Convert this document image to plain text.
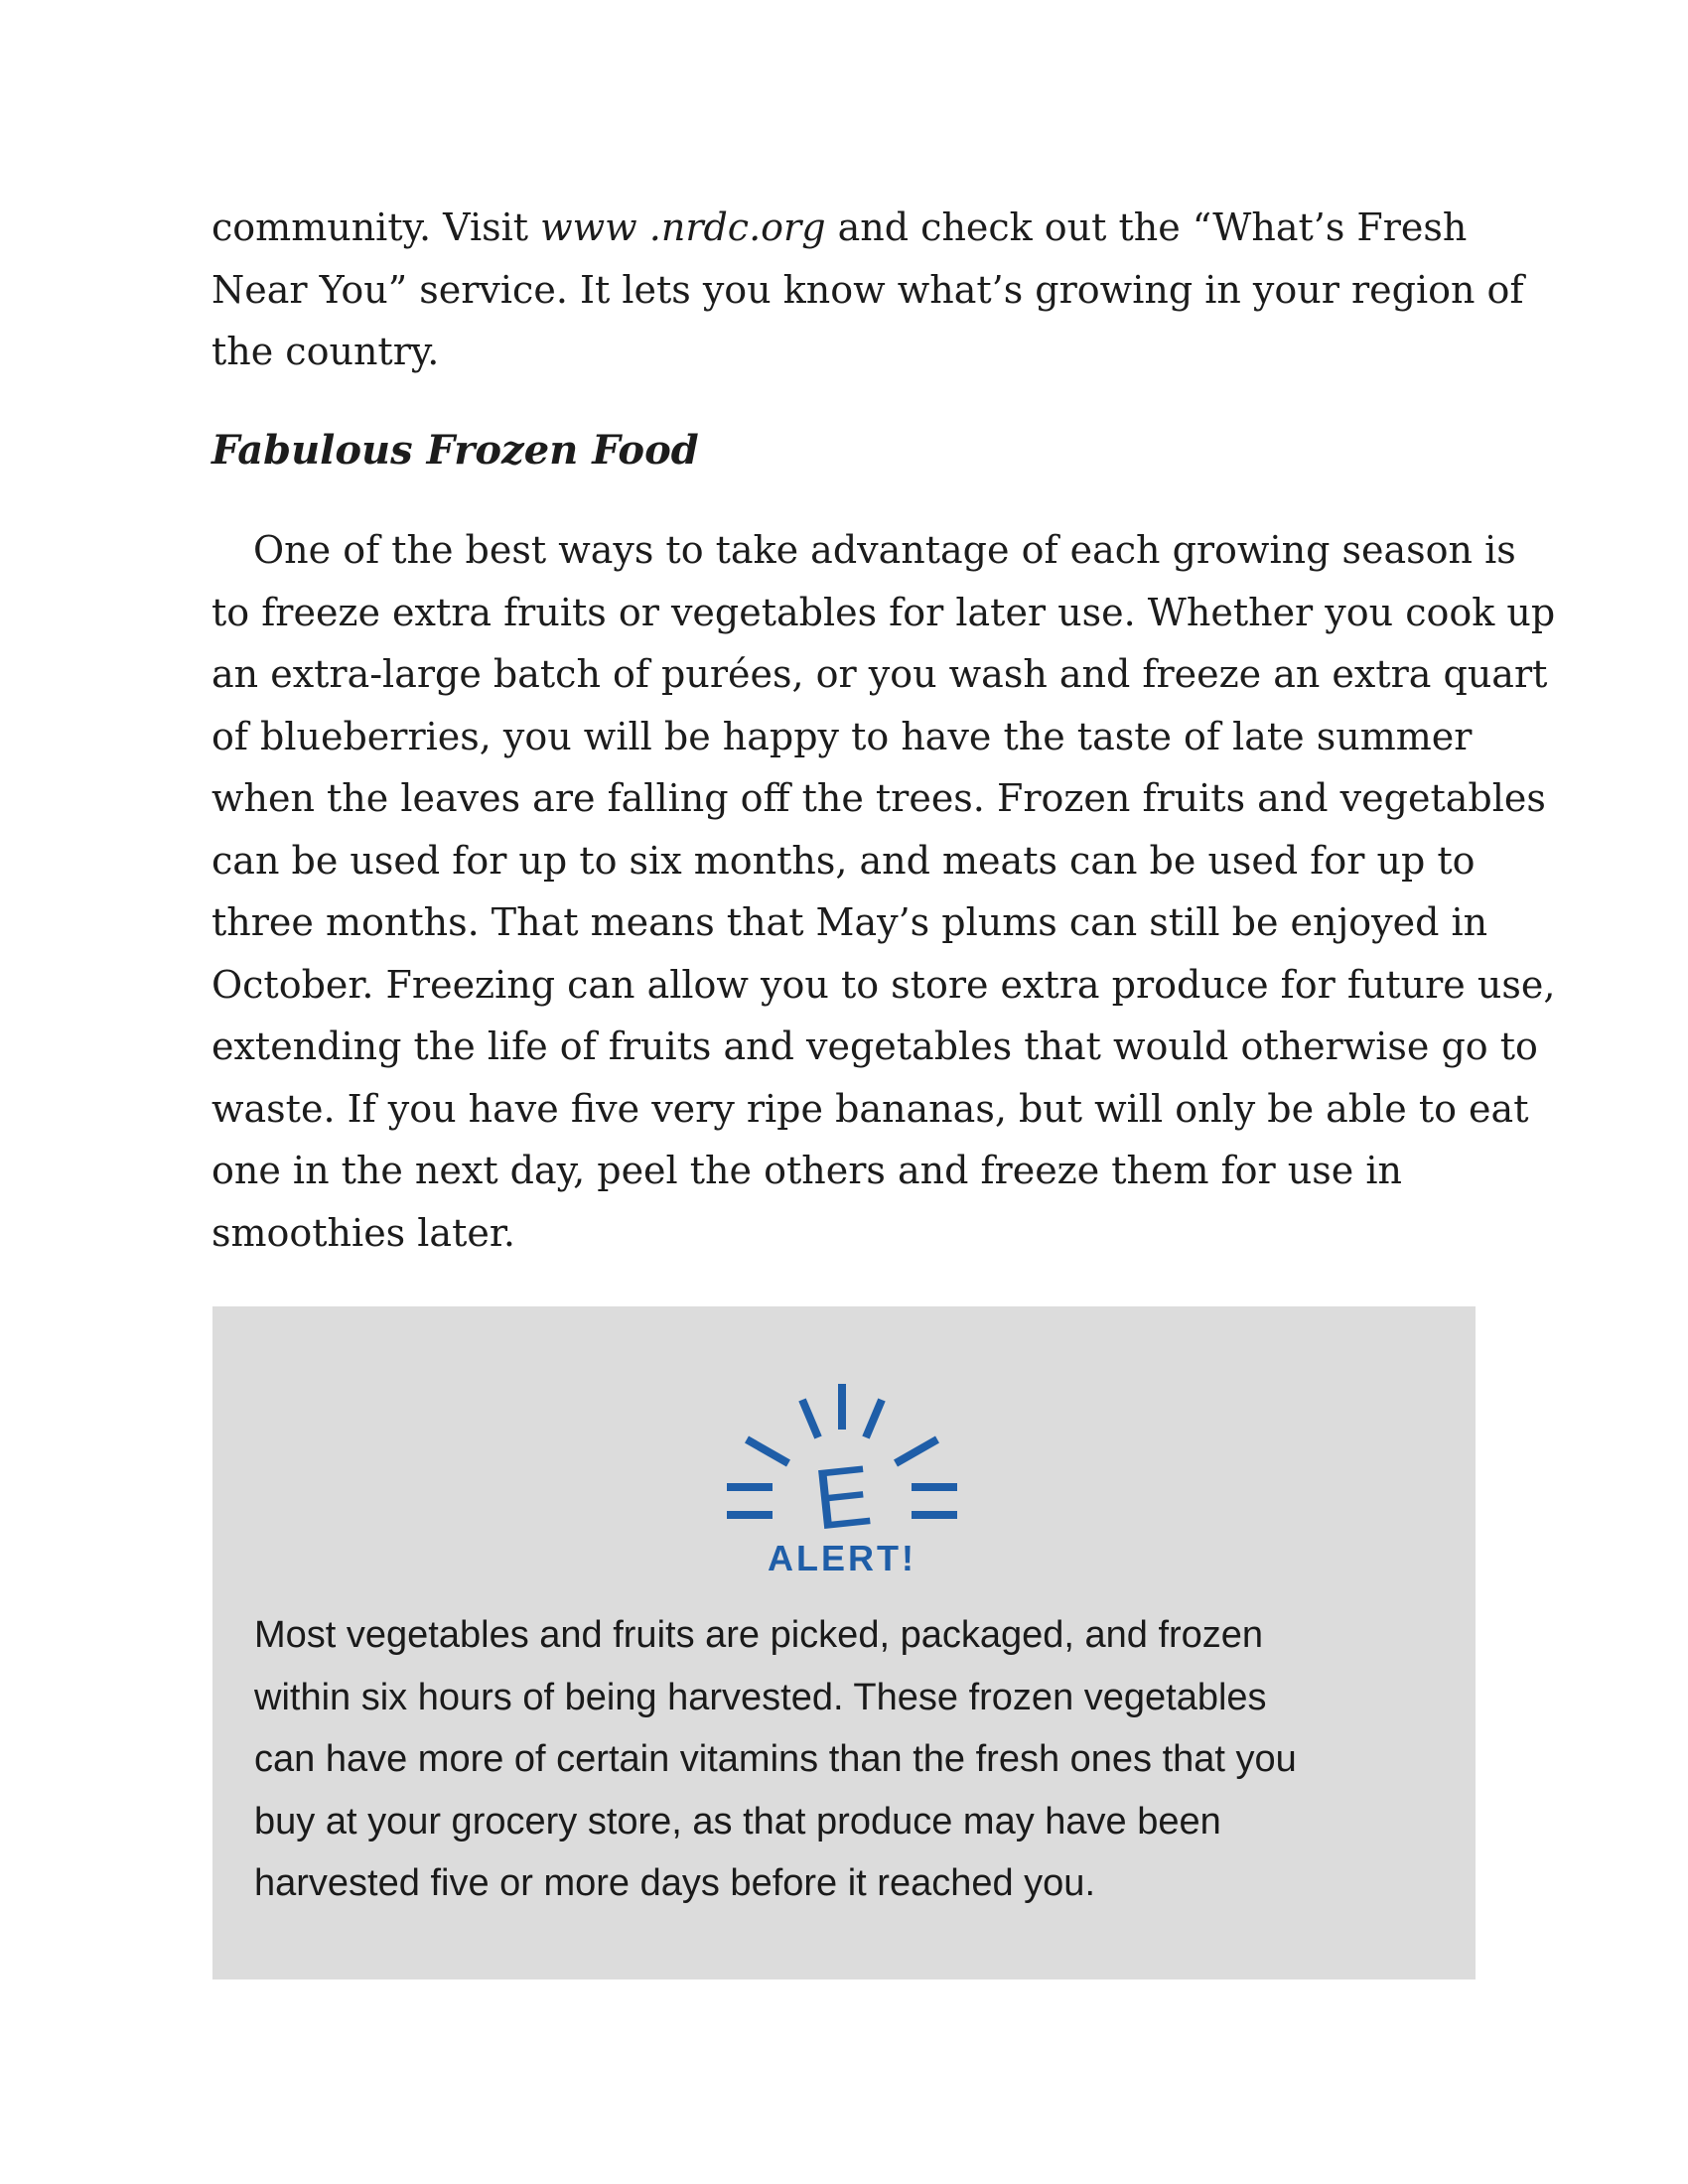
community. Visit www .nrdc.org and check out the “What’s Fresh
Near You” service. It lets you know what’s growing in your region of
the country.

Fabulous Frozen Food

One of the best ways to take advantage of each growing season is
to freeze extra fruits or vegetables for later use. Whether you cook up
an extra-large batch of purées, or you wash and freeze an extra quart
of blueberries, you will be happy to have the taste of late summer
when the leaves are falling off the trees. Frozen fruits and vegetables
can be used for up to six months, and meats can be used for up to
three months. That means that May’s plums can still be enjoyed in
October. Freezing can allow you to store extra produce for future use,
extending the life of fruits and vegetables that would otherwise go to
waste. If you have five very ripe bananas, but will only be able to eat
one in the next day, peel the others and freeze them for use in
smoothies later.

E
ALERT!

Most vegetables and fruits are picked, packaged, and frozen
within six hours of being harvested. These frozen vegetables
can have more of certain vitamins than the fresh ones that you
buy at your grocery store, as that produce may have been
harvested five or more days before it reached you.
